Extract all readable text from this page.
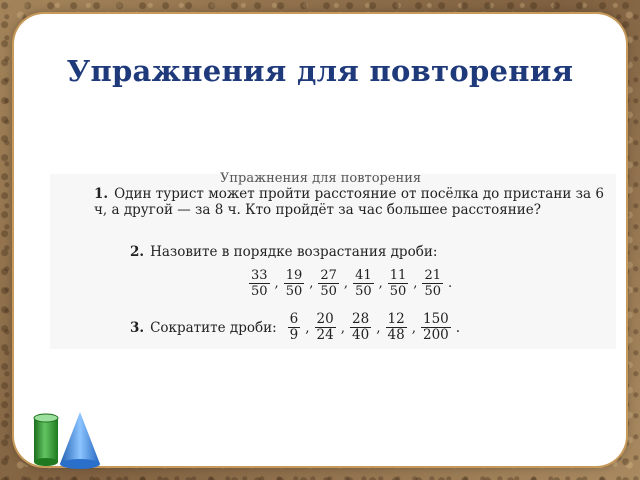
Упражнения для повторения
Упражнения для повторения
1. Один турист может пройти расстояние от посёлка до пристани за 6 ч, а другой — за 8 ч. Кто пройдёт за час большее расстояние?
2. Назовите в порядке возрастания дроби:
$\frac{33}{50}$ , $\frac{19}{50}$ , $\frac{27}{50}$ , $\frac{41}{50}$ , $\frac{11}{50}$ , $\frac{21}{50}$ .
3. Сократите дроби: $\frac{6}{9}$ , $\frac{20}{24}$ , $\frac{28}{40}$ , $\frac{12}{48}$ , $\frac{150}{200}$ .
